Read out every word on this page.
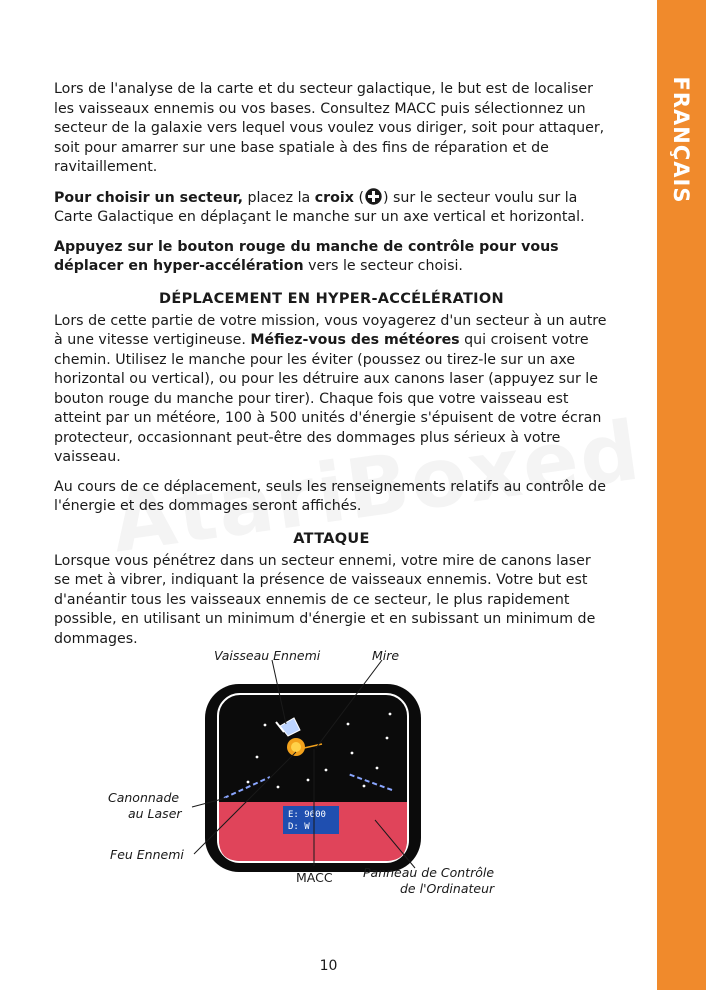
FRANÇAIS

Lors de l'analyse de la carte et du secteur galactique, le but est de localiser les vaisseaux ennemis ou vos bases. Consultez MACC puis sélectionnez un secteur de la galaxie vers lequel vous voulez vous diriger, soit pour attaquer, soit pour amarrer sur une base spatiale à des fins de réparation et de ravitaillement.

Pour choisir un secteur, placez la croix ( ) sur le secteur voulu sur la Carte Galactique en déplaçant le manche sur un axe vertical et horizontal.

Appuyez sur le bouton rouge du manche de contrôle pour vous déplacer en hyper-accélération vers le secteur choisi.

DÉPLACEMENT EN HYPER-ACCÉLÉRATION

Lors de cette partie de votre mission, vous voyagerez d'un secteur à un autre à une vitesse vertigineuse. Méfiez-vous des météores qui croisent votre chemin. Utilisez le manche pour les éviter (poussez ou tirez-le sur un axe horizontal ou vertical), ou pour les détruire aux canons laser (appuyez sur le bouton rouge du manche pour tirer). Chaque fois que votre vaisseau est atteint par un météore, 100 à 500 unités d'énergie s'épuisent de votre écran protecteur, occasionnant peut-être des dommages plus sérieux à votre vaisseau.

Au cours de ce déplacement, seuls les renseignements relatifs au contrôle de l'énergie et des dommages seront affichés.

ATTAQUE

Lorsque vous pénétrez dans un secteur ennemi, votre mire de canons laser se met à vibrer, indiquant la présence de vaisseaux ennemis. Votre but est d'anéantir tous les vaisseaux ennemis de ce secteur, le plus rapidement possible, en utilisant un minimum d'énergie et en subissant un minimum de dommages.

E: 9600
D: W
Vaisseau Ennemi	Mire
Canonnade
au Laser
Feu Ennemi
MACC Panneau de Contrôle
de l'Ordinateur
10
